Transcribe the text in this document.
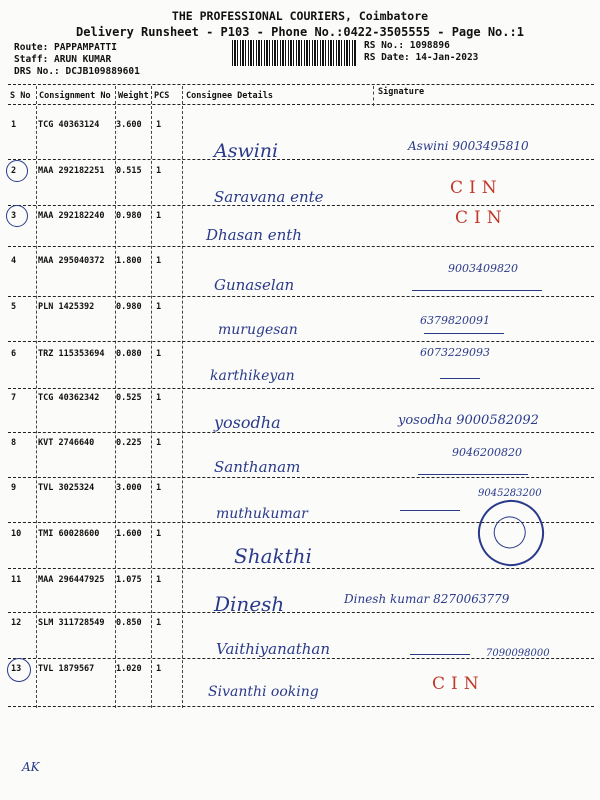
THE PROFESSIONAL COURIERS, Coimbatore
Delivery Runsheet - P103 - Phone No.:0422-3505555 - Page No.:1
Route: PAPPAMPATTI
Staff: ARUN KUMAR
DRS No.: DCJB109889601
RS No.: 1098896
RS Date: 14-Jan-2023
S No Consignment No Weight PCS Consignee Details	Signature
1	TCG 40363124 3.600 1
Aswini	Aswini 9003495810
2	MAA 292182251 0.515 1
Saravana ente	CIN
3	MAA 292182240 0.980 1
Dhasan enth
CIN
4	MAA 295040372 1.800 1
Gunaselan
9003409820
5	PLN 1425392	0.980 1
murugesan
6379820091
6	TRZ 115353694 0.080 1
karthikeyan
6073229093
7	TCG 40362342 0.525 1
yosodha	yosodha 9000582092
8	KVT 2746640	0.225 1
Santhanam
9046200820
9	TVL 3025324	3.000 1
muthukumar
9045283200
10 TMI 60028600 1.600 1
Shakthi
11 MAA 296447925 1.075 1
Dinesh	Dinesh kumar 8270063779
12 SLM 311728549 0.850 1
Vaithiyanathan	7090098000
13 TVL 1879567	1.020 1
Sivanthi ooking	CIN
AK
